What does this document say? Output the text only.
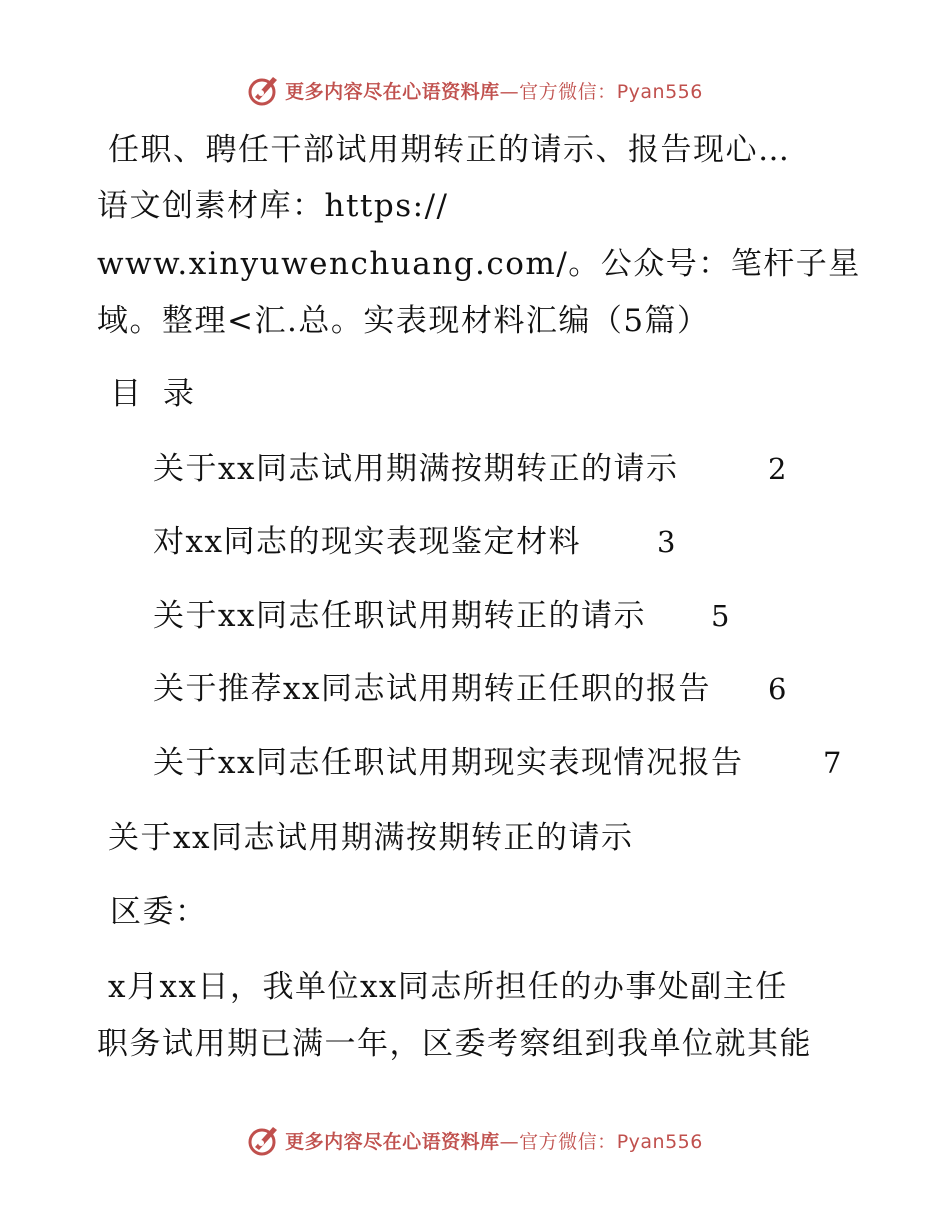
更多内容尽在心语资料库—官方微信：Pyan556
任职、聘任干部试用期转正的请示、报告现心…
语文创素材库：https://
www.xinyuwenchuang.com/。公众号：笔杆子星
域。整理<汇.总。实表现材料汇编（5篇）
目 录
关于xx同志试用期满按期转正的请示	2
对xx同志的现实表现鉴定材料	3
关于xx同志任职试用期转正的请示 5
关于推荐xx同志试用期转正任职的报告 6
关于xx同志任职试用期现实表现情况报告	7
关于xx同志试用期满按期转正的请示
区委：
x月xx日，我单位xx同志所担任的办事处副主任
职务试用期已满一年，区委考察组到我单位就其能
更多内容尽在心语资料库—官方微信：Pyan556
